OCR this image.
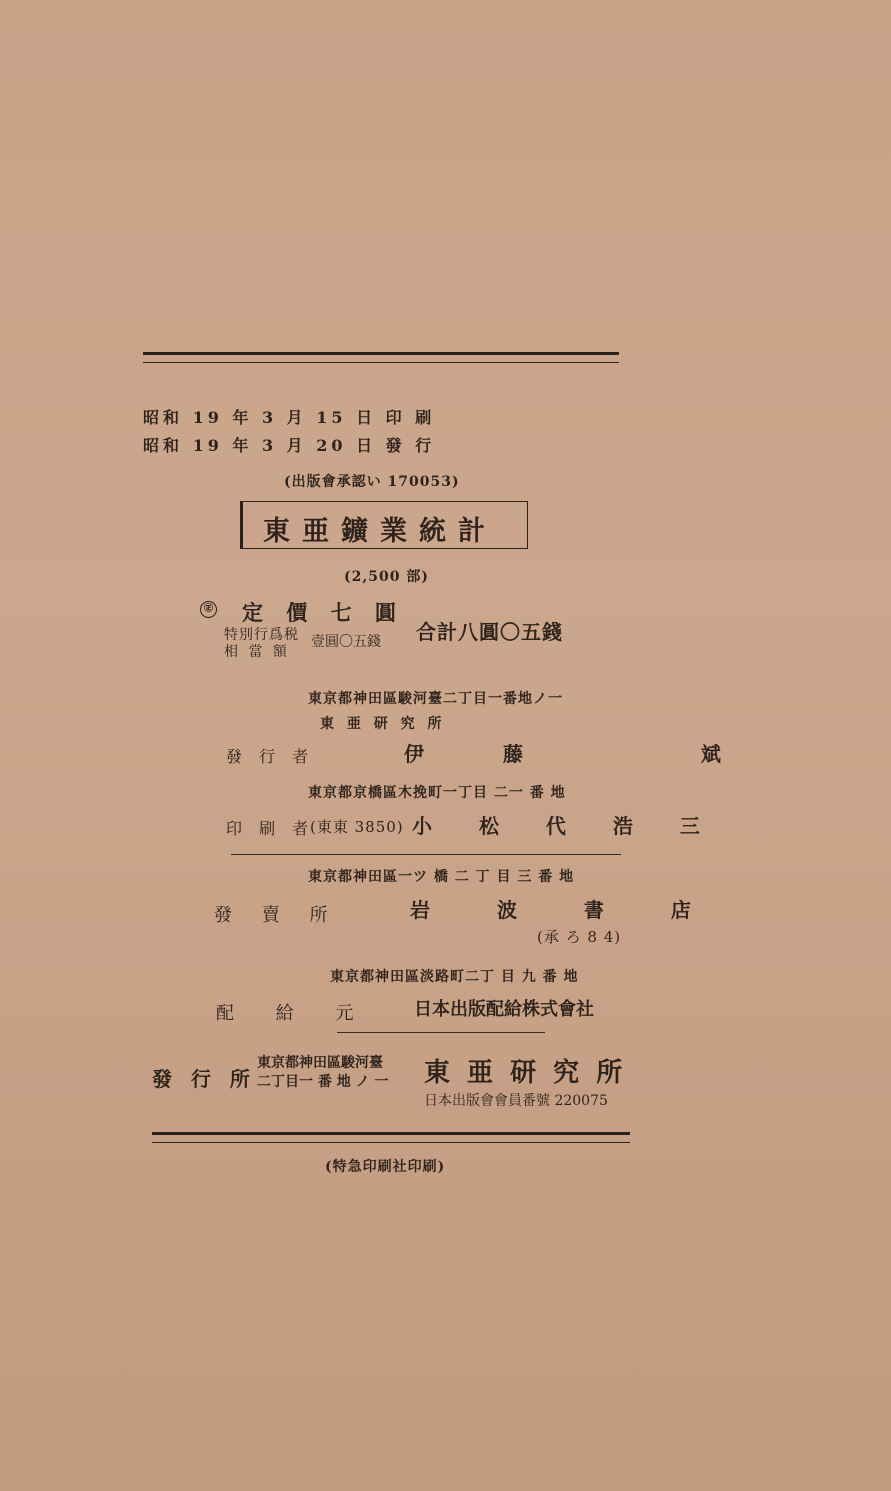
昭和 19 年 3 月 15 日 印 刷
昭和 19 年 3 月 20 日 發 行
(出版會承認い 170053)
東亜鑛業統計
(2,500 部)
㊣ 定 價 七 圓
特別行爲税
相 當 額
壹圓〇五錢 合計八圓〇五錢
東京都神田區駿河臺二丁目一番地ノ一
東 亜 研 究 所
發 行 者	伊 藤 　 斌
東京都京橋區木挽町一丁目 二一 番 地
印 刷 者
(東東 3850) 小 松 代 浩 三
東京都神田區一ツ 橋 二 丁 目 三 番 地
發 賣 所	岩 波 書 店
(承 ろ 8 4)
東京都神田區淡路町二丁 目 九 番 地
配 給 元 日本出版配給株式會社
發 行 所
東京都神田區駿河臺
二丁目一 番 地 ノ 一 東 亜 研 究 所
日本出版會會員番號 220075
(特急印刷社印刷)
